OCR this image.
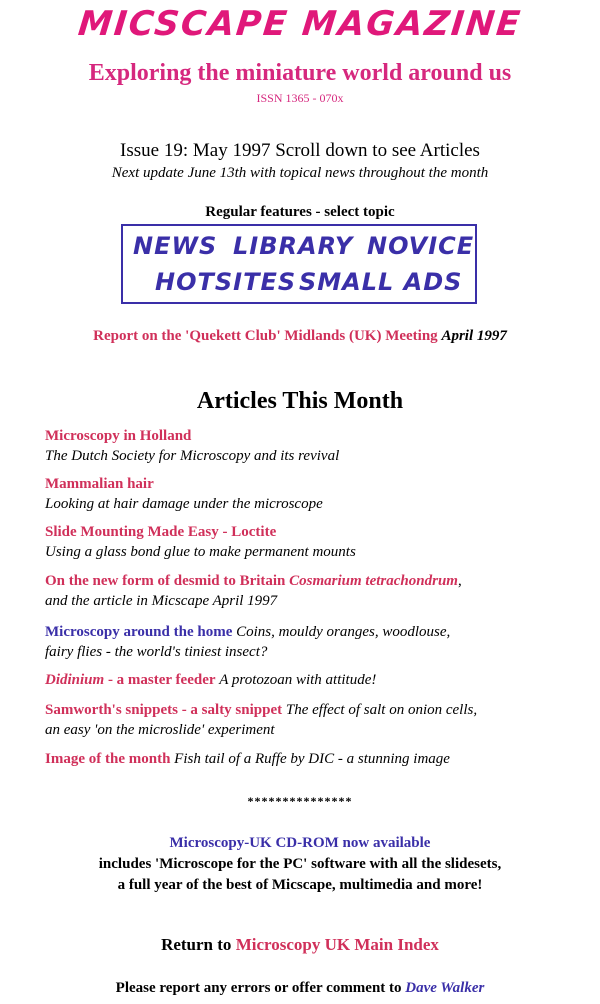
MICSCAPE MAGAZINE
Exploring the miniature world around us
ISSN 1365 - 070x
Issue 19: May 1997 Scroll down to see Articles
Next update June 13th with topical news throughout the month
Regular features - select topic
NEWS LIBRARY NOVICE
HOTSITES SMALL ADS
Report on the 'Quekett Club' Midlands (UK) Meeting April 1997
Articles This Month
Microscopy in Holland
The Dutch Society for Microscopy and its revival
Mammalian hair
Looking at hair damage under the microscope
Slide Mounting Made Easy - Loctite
Using a glass bond glue to make permanent mounts
On the new form of desmid to Britain Cosmarium tetrachondrum,
and the article in Micscape April 1997
Microscopy around the home Coins, mouldy oranges, woodlouse,
fairy flies - the world's tiniest insect?
Didinium - a master feeder A protozoan with attitude!
Samworth's snippets - a salty snippet The effect of salt on onion cells,
an easy 'on the microslide' experiment
Image of the month Fish tail of a Ruffe by DIC - a stunning image
***************
Microscopy-UK CD-ROM now available
includes 'Microscope for the PC' software with all the slidesets,
a full year of the best of Micscape, multimedia and more!
Return to Microscopy UK Main Index
Please report any errors or offer comment to Dave Walker
